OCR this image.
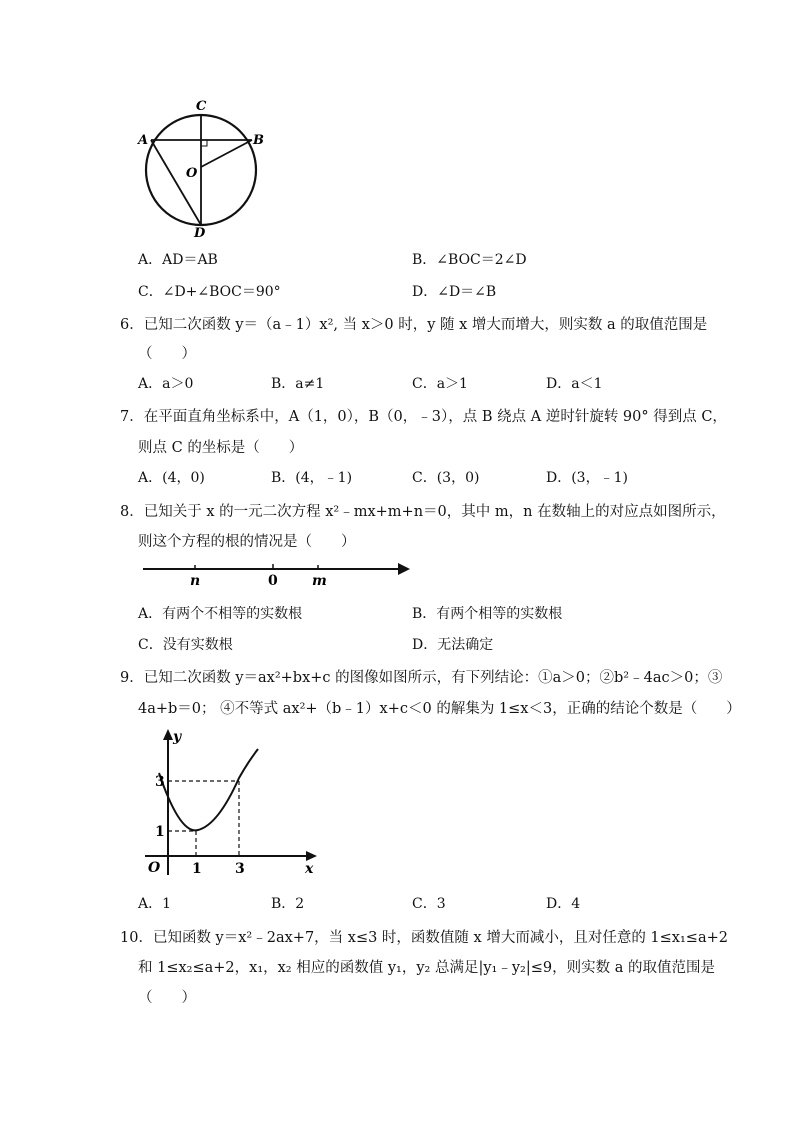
C
A	B
O
D
A．AD＝AB	B．∠BOC＝2∠D
C．∠D+∠BOC＝90°	D．∠D＝∠B
6．已知二次函数 y＝（a﹣1）x², 当 x＞0 时，y 随 x 增大而增大，则实数 a 的取值范围是
（　　）
A．a＞0	B．a≠1	C．a＞1	D．a＜1
7．在平面直角坐标系中，A（1，0），B（0，﹣3），点 B 绕点 A 逆时针旋转 90° 得到点 C，
则点 C 的坐标是（　　）
A．(4，0)	B．(4，﹣1)	C．(3，0)	D．(3，﹣1)
8．已知关于 x 的一元二次方程 x²﹣mx+m+n＝0，其中 m，n 在数轴上的对应点如图所示，
则这个方程的根的情况是（　　）
n	0 m
A．有两个不相等的实数根	B．有两个相等的实数根
C．没有实数根	D．无法确定
9．已知二次函数 y＝ax²+bx+c 的图像如图所示，有下列结论：①a＞0；②b²﹣4ac＞0；③
4a+b＝0； ④不等式 ax²+（b﹣1）x+c＜0 的解集为 1≤x＜3，正确的结论个数是（　　）
y
x
O 1 3
1
3
A．1	B．2	C．3	D．4
10．已知函数 y＝x²﹣2ax+7，当 x≤3 时，函数值随 x 增大而减小，且对任意的 1≤x₁≤a+2
和 1≤x₂≤a+2，x₁，x₂ 相应的函数值 y₁，y₂ 总满足|y₁﹣y₂|≤9，则实数 a 的取值范围是
（　　）
